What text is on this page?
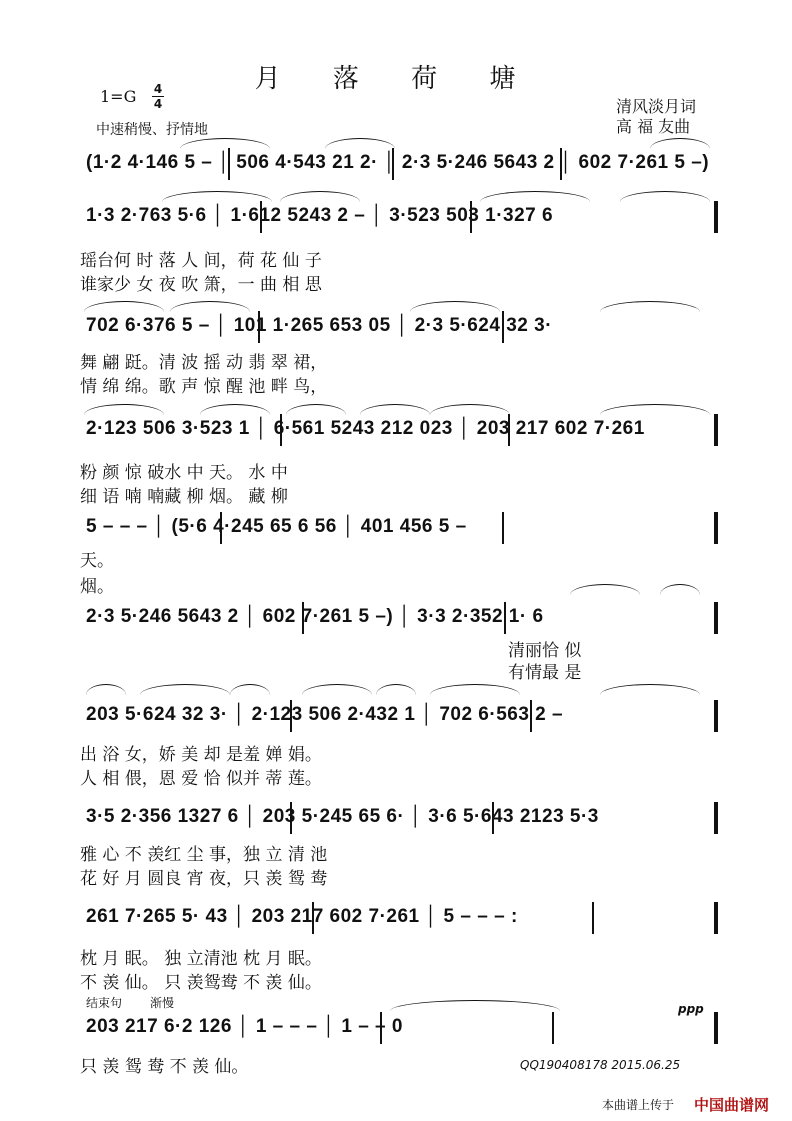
月 落 荷 塘
1=G 4
4
中速稍慢、抒情地
清风淡月词
高 福 友曲
(1·2 4·146 5 – │ 506 4·543 21 2· │ 2·3 5·246 5643 2 │ 602 7·261 5 –)
1·3 2·763 5·6 │ 1·612 5243 2 – │ 3·523 503 1·327 6
瑶台何 时 落 人 间，荷 花 仙 子
谁家少 女 夜 吹 箫，一 曲 相 思
702 6·376 5 – │ 101 1·265 653 05 │ 2·3 5·624 32 3·
舞 翩 跹。清 波 摇 动 翡 翠 裙，
情 绵 绵。歌 声 惊 醒 池 畔 鸟，
2·123 506 3·523 1 │ 6·561 5243 212 023 │ 203 217 602 7·261
粉 颜 惊 破水 中 天。 水 中
细 语 喃 喃藏 柳 烟。 藏 柳
5 – – – │ (5·6 4·245 65 6 56 │ 401 456 5 –
天。
烟。
2·3 5·246 5643 2 │ 602 7·261 5 –) │ 3·3 2·352 1· 6
清丽恰 似
有情最 是
203 5·624 32 3· │ 2·123 506 2·432 1 │ 702 6·563 2 –
出 浴 女，娇 美 却 是羞 婵 娟。
人 相 偎，恩 爱 恰 似并 蒂 莲。
3·5 2·356 1327 6 │ 203 5·245 65 6· │ 3·6 5·643 2123 5·3
雅 心 不 羡红 尘 事，独 立 清 池
花 好 月 圆良 宵 夜，只 羡 鸳 鸯
261 7·265 5· 43 │ 203 217 602 7·261 │ 5 – – – :
枕 月 眠。 独 立清池 枕 月 眠。
不 羡 仙。 只 羡鸳鸯 不 羡 仙。
结束句 渐慢
203 217 6·2 126 │ 1 – – – │ 1 – – 0
ppp
只 羡 鸳 鸯 不 羡 仙。	QQ190408178 2015.06.25
本曲谱上传于 中国曲谱网
